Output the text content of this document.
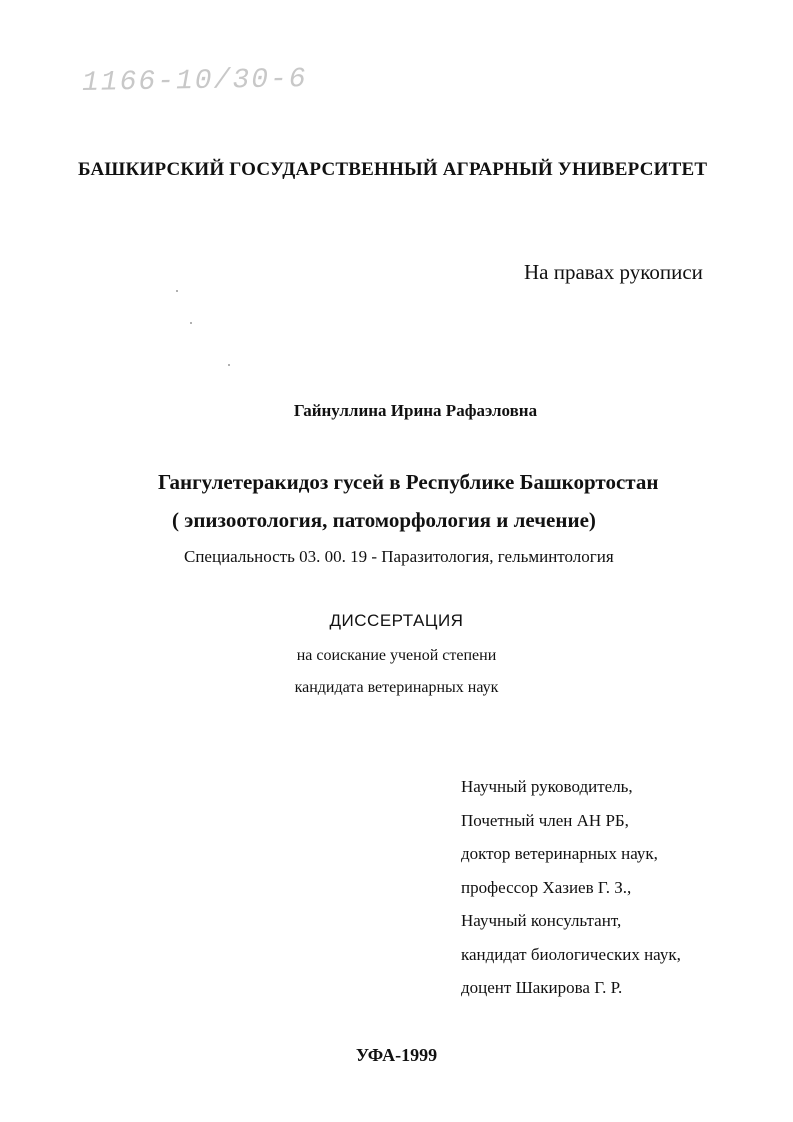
1166-10/30-6
БАШКИРСКИЙ ГОСУДАРСТВЕННЫЙ АГРАРНЫЙ УНИВЕРСИТЕТ
На правах рукописи
Гайнуллина Ирина Рафаэловна
Гангулетеракидоз гусей в Республике Башкортостан
( эпизоотология, патоморфология и лечение)
Специальность 03. 00. 19 - Паразитология, гельминтология
ДИССЕРТАЦИЯ
на соискание ученой степени
кандидата ветеринарных наук
Научный руководитель,
Почетный член АН РБ,
доктор ветеринарных наук,
профессор Хазиев Г. З.,
Научный консультант,
кандидат биологических наук,
доцент Шакирова Г. Р.
УФА-1999
